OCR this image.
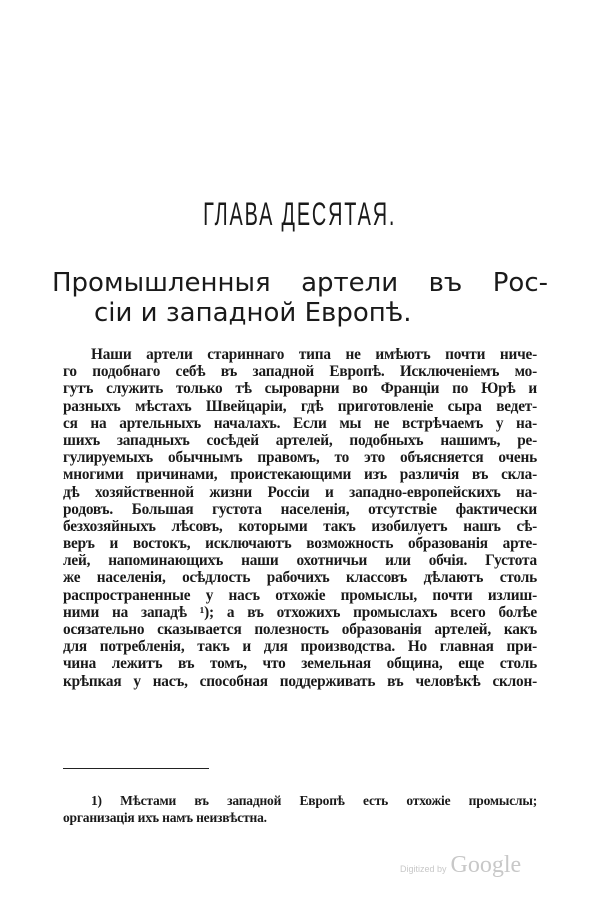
ГЛАВА ДЕСЯТАЯ.
Промышленныя артели въ Рос-
сіи и западной Европѣ.
Наши артели стариннаго типа не имѣютъ почти ниче-
го подобнаго себѣ въ западной Европѣ. Исключеніемъ мо-
гутъ служить только тѣ сыроварни во Франціи по Юрѣ и
разныхъ мѣстахъ Швейцаріи, гдѣ приготовленіе сыра ведет-
ся на артельныхъ началахъ. Если мы не встрѣчаемъ у на-
шихъ западныхъ сосѣдей артелей, подобныхъ нашимъ, ре-
гулируемыхъ обычнымъ правомъ, то это объясняется очень
многими причинами, проистекающими изъ различія въ скла-
дѣ хозяйственной жизни Россіи и западно-европейскихъ на-
родовъ. Большая густота населенія, отсутствіе фактически
безхозяйныхъ лѣсовъ, которыми такъ изобилуетъ нашъ сѣ-
веръ и востокъ, исключаютъ возможность образованія арте-
лей, напоминающихъ наши охотничьи или обчія. Густота
же населенія, осѣдлость рабочихъ классовъ дѣлаютъ столь
распространенные у насъ отхожіе промыслы, почти излиш-
ними на западѣ ¹); а въ отхожихъ промыслахъ всего болѣе
осязательно сказывается полезность образованія артелей, какъ
для потребленія, такъ и для производства. Но главная при-
чина лежитъ въ томъ, что земельная община, еще столь
крѣпкая у насъ, способная поддерживать въ человѣкѣ склон-
1) Мѣстами въ западной Европѣ есть отхожіе промыслы;
организація ихъ намъ неизвѣстна.
Digitized by Google
